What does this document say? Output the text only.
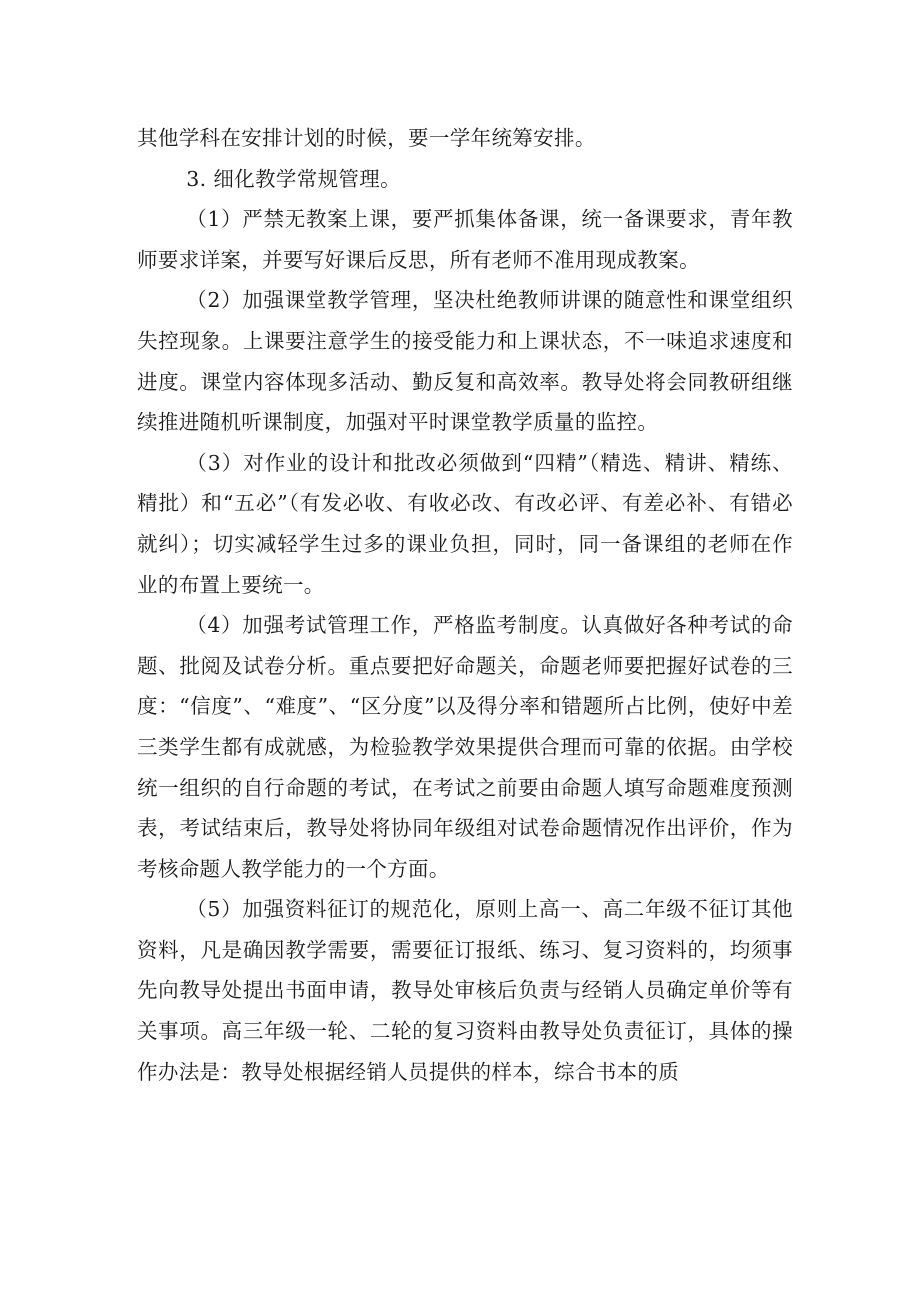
其他学科在安排计划的时候，要一学年统筹安排。

3. 细化教学常规管理。

（1）严禁无教案上课，要严抓集体备课，统一备课要求，青年教师要求详案，并要写好课后反思，所有老师不准用现成教案。

（2）加强课堂教学管理，坚决杜绝教师讲课的随意性和课堂组织失控现象。上课要注意学生的接受能力和上课状态，不一味追求速度和进度。课堂内容体现多活动、勤反复和高效率。教导处将会同教研组继续推进随机听课制度，加强对平时课堂教学质量的监控。

（3）对作业的设计和批改必须做到“四精”（精选、精讲、精练、精批）和“五必”（有发必收、有收必改、有改必评、有差必补、有错必就纠）；切实减轻学生过多的课业负担，同时，同一备课组的老师在作业的布置上要统一。

（4）加强考试管理工作，严格监考制度。认真做好各种考试的命题、批阅及试卷分析。重点要把好命题关，命题老师要把握好试卷的三度：“信度”、“难度”、“区分度”以及得分率和错题所占比例，使好中差三类学生都有成就感，为检验教学效果提供合理而可靠的依据。由学校统一组织的自行命题的考试，在考试之前要由命题人填写命题难度预测表，考试结束后，教导处将协同年级组对试卷命题情况作出评价，作为考核命题人教学能力的一个方面。

（5）加强资料征订的规范化，原则上高一、高二年级不征订其他资料，凡是确因教学需要，需要征订报纸、练习、复习资料的，均须事先向教导处提出书面申请，教导处审核后负责与经销人员确定单价等有关事项。高三年级一轮、二轮的复习资料由教导处负责征订，具体的操作办法是：教导处根据经销人员提供的样本，综合书本的质
